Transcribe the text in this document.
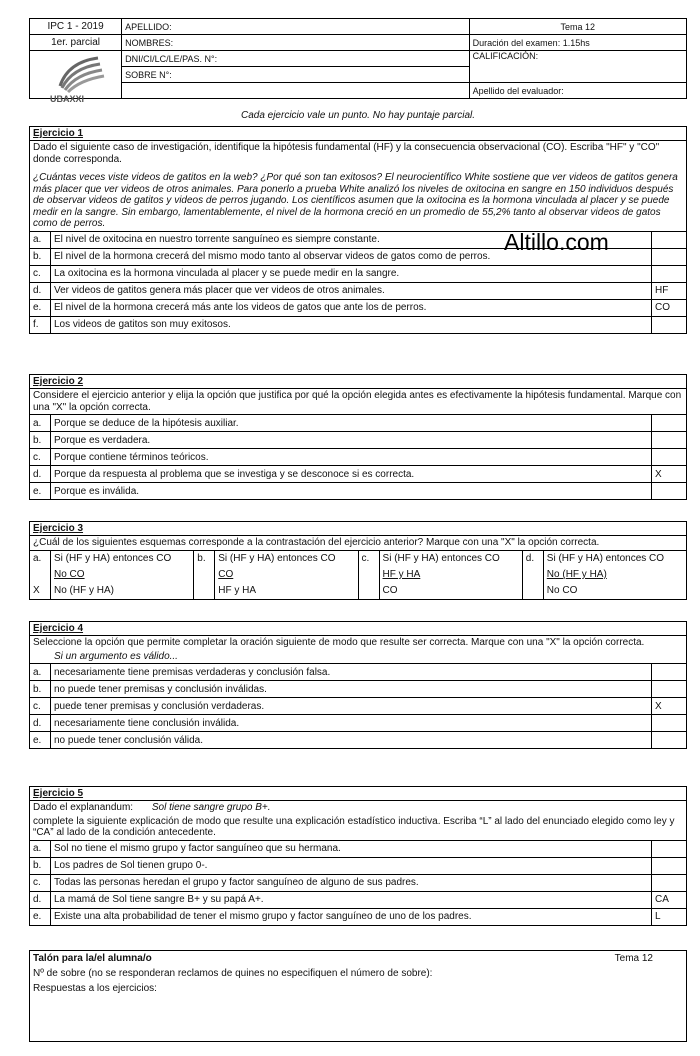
IPC 1 - 2019	APELLIDO:	Tema 12
1er. parcial	NOMBRES:	Duración del examen: 1.15hs
	DNI/CI/LC/LE/PAS. N°:	CALIFICACIÓN:
	SOBRE N°:	
		Apellido del evaluador:
UBAXXI
Cada ejercicio vale un punto. No hay puntaje parcial.
Altillo.com
Ejercicio 1
Dado el siguiente caso de investigación, identifique la hipótesis fundamental (HF) y la consecuencia observacional (CO). Escriba "HF" y "CO" donde corresponda.
¿Cuántas veces viste videos de gatitos en la web? ¿Por qué son tan exitosos? El neurocientífico White sostiene que ver videos de gatitos genera más placer que ver videos de otros animales. Para ponerlo a prueba White analizó los niveles de oxitocina en sangre en 150 individuos después de observar videos de gatitos y videos de perros jugando. Los científicos asumen que la oxitocina es la hormona vinculada al placer y se puede medir en la sangre. Sin embargo, lamentablemente, el nivel de la hormona creció en un promedio de 55,2% tanto al observar videos de gatos como de perros.
a.	El nivel de oxitocina en nuestro torrente sanguíneo es siempre constante.	
b.	El nivel de la hormona crecerá del mismo modo tanto al observar videos de gatos como de perros.	
c.	La oxitocina es la hormona vinculada al placer y se puede medir en la sangre.	
d.	Ver videos de gatitos genera más placer que ver videos de otros animales.	HF
e.	El nivel de la hormona crecerá más ante los videos de gatos que ante los de perros.	CO
f.	Los videos de gatitos son muy exitosos.	
Ejercicio 2
Considere el ejercicio anterior y elija la opción que justifica por qué la opción elegida antes es efectivamente la hipótesis fundamental. Marque con una "X" la opción correcta.
a.	Porque se deduce de la hipótesis auxiliar.	
b.	Porque es verdadera.	
c.	Porque contiene términos teóricos.	
d.	Porque da respuesta al problema que se investiga y se desconoce si es correcta.	X
e.	Porque es inválida.	
Ejercicio 3
¿Cuál de los siguientes esquemas corresponde a la contrastación del ejercicio anterior? Marque con una "X" la opción correcta.
a.	Si (HF y HA) entonces CO	b.	Si (HF y HA) entonces CO	c.	Si (HF y HA) entonces CO	d.	Si (HF y HA) entonces CO
	No CO		CO		HF y HA		No (HF y HA)
X	No (HF y HA)		HF y HA		CO		No CO
Ejercicio 4
Seleccione la opción que permite completar la oración siguiente de modo que resulte ser correcta. Marque con una "X" la opción correcta.
Si un argumento es válido...
a.	necesariamente tiene premisas verdaderas y conclusión falsa.	
b.	no puede tener premisas y conclusión inválidas.	
c.	puede tener premisas y conclusión verdaderas.	X
d.	necesariamente tiene conclusión inválida.	
e.	no puede tener conclusión válida.	
Ejercicio 5
Dado el explanandum: Sol tiene sangre grupo B+.
complete la siguiente explicación de modo que resulte una explicación estadístico inductiva. Escriba “L” al lado del enunciado elegido como ley y “CA” al lado de la condición antecedente.
a.	Sol no tiene el mismo grupo y factor sanguíneo que su hermana.	
b.	Los padres de Sol tienen grupo 0-.	
c.	Todas las personas heredan el grupo y factor sanguíneo de alguno de sus padres.	
d.	La mamá de Sol tiene sangre B+ y su papá A+.	CA
e.	Existe una alta probabilidad de tener el mismo grupo y factor sanguíneo de uno de los padres.	L
Talón para la/el alumna/o	Tema 12
Nº de sobre (no se responderan reclamos de quines no especifiquen el número de sobre):
Respuestas a los ejercicios:
